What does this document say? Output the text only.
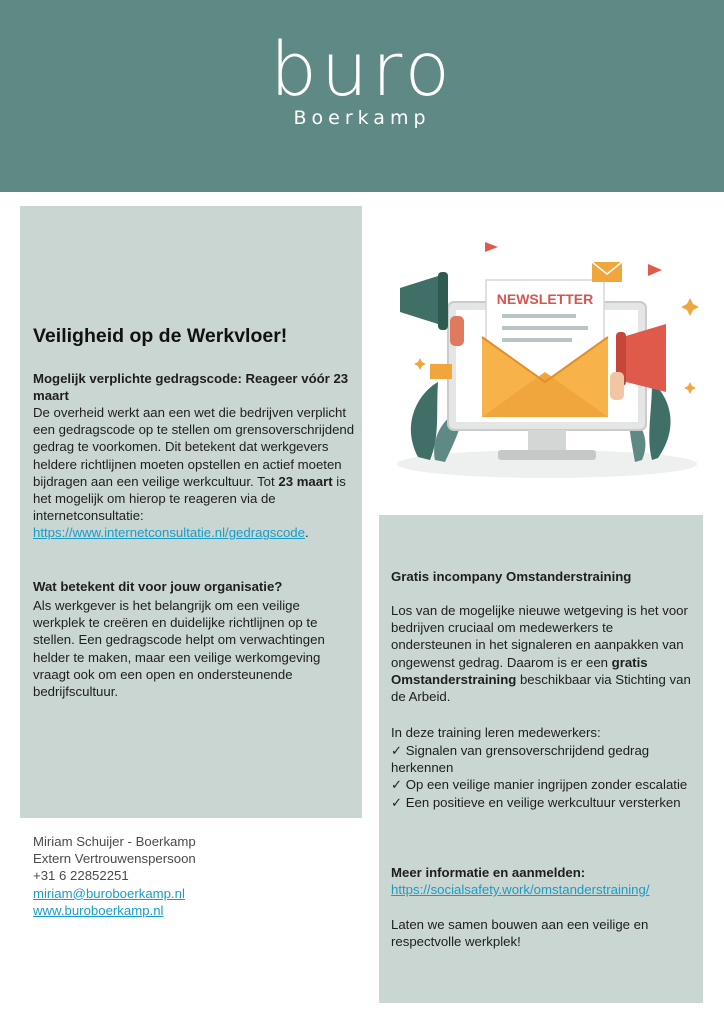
buro
Boerkamp
NEWSLETTER
Veiligheid op de Werkvloer!

Mogelijk verplichte gedragscode: Reageer vóór 23 maart

De overheid werkt aan een wet die bedrijven verplicht een gedragscode op te stellen om grensoverschrijdend gedrag te voorkomen. Dit betekent dat werkgevers heldere richtlijnen moeten opstellen en actief moeten bijdragen aan een veilige werkcultuur. Tot 23 maart is het mogelijk om hierop te reageren via de internetconsultatie:
https://www.internetconsultatie.nl/gedragscode.

Wat betekent dit voor jouw organisatie?

Als werkgever is het belangrijk om een veilige werkplek te creëren en duidelijke richtlijnen op te stellen. Een gedragscode helpt om verwachtingen helder te maken, maar een veilige werkomgeving vraagt ook om een open en ondersteunende bedrijfscultuur.

Miriam Schuijer - Boerkamp
Extern Vertrouwenspersoon
+31 6 22852251
miriam@buroboerkamp.nl
www.buroboerkamp.nl

Gratis incompany Omstanderstraining

Los van de mogelijke nieuwe wetgeving is het voor bedrijven cruciaal om medewerkers te ondersteunen in het signaleren en aanpakken van ongewenst gedrag. Daarom is er een gratis Omstanderstraining beschikbaar via Stichting van de Arbeid.

In deze training leren medewerkers:

✓ Signalen van grensoverschrijdend gedrag herkennen
✓ Op een veilige manier ingrijpen zonder escalatie
✓ Een positieve en veilige werkcultuur versterken

Meer informatie en aanmelden:

https://socialsafety.work/omstanderstraining/

Laten we samen bouwen aan een veilige en respectvolle werkplek!
